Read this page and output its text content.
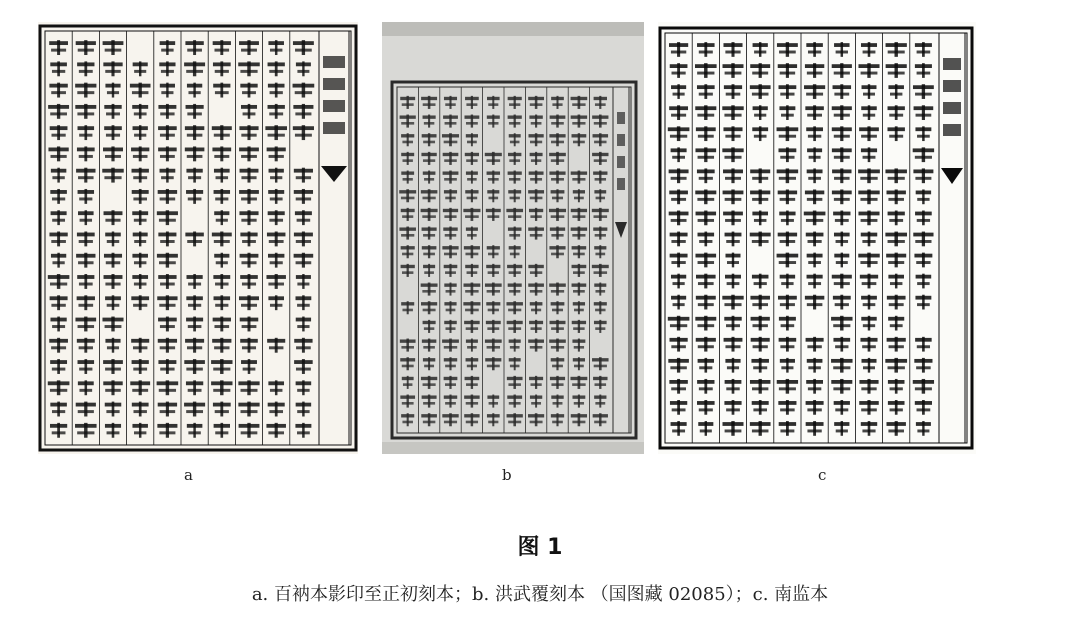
a	b	c
图 1
a. 百衲本影印至正初刻本；b. 洪武覆刻本 （国图藏 02085）；c. 南监本
